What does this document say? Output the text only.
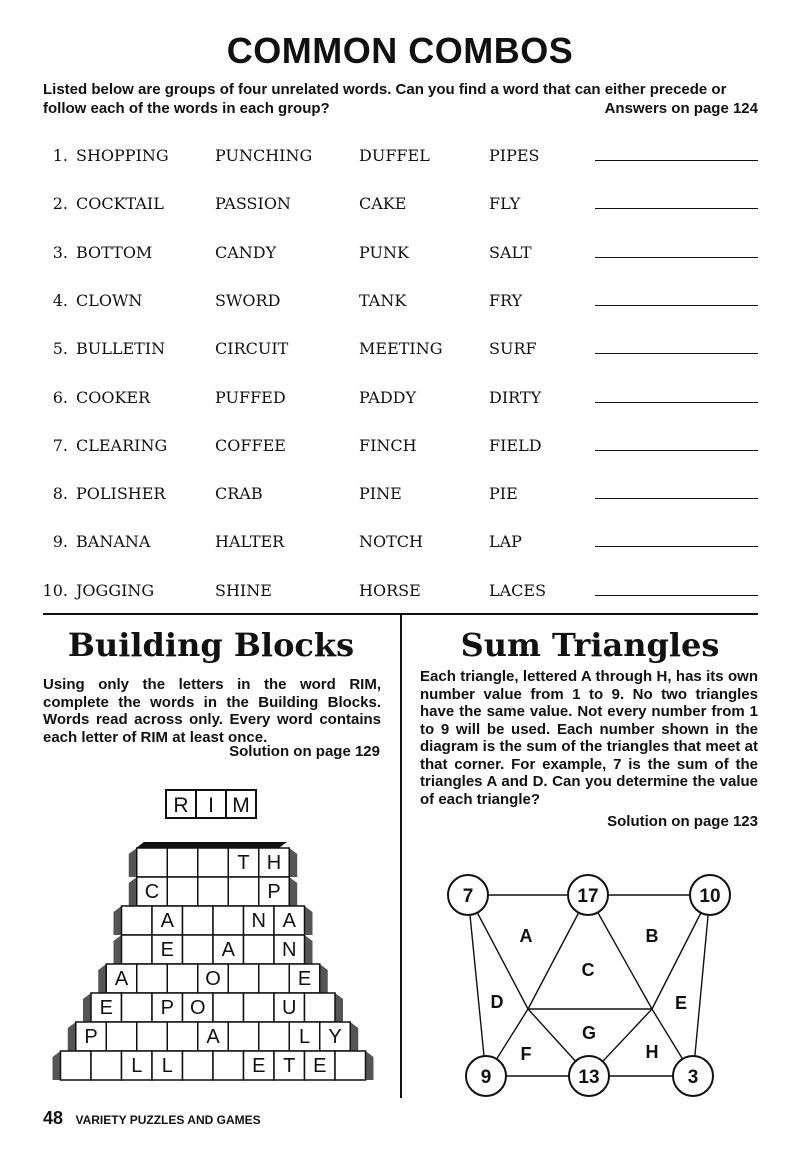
COMMON COMBOS
Listed below are groups of four unrelated words. Can you find a word that can either precede or follow each of the words in each group?	Answers on page 124
1. SHOPPING	PUNCHING	DUFFEL	PIPES
2. COCKTAIL	PASSION	CAKE	FLY
3. BOTTOM	CANDY	PUNK	SALT
4. CLOWN	SWORD	TANK	FRY
5. BULLETIN	CIRCUIT	MEETING	SURF
6. COOKER	PUFFED	PADDY	DIRTY
7. CLEARING	COFFEE	FINCH	FIELD
8. POLISHER	CRAB	PINE	PIE
9. BANANA	HALTER	NOTCH	LAP
10. JOGGING	SHINE	HORSE	LACES
Building Blocks
Using only the letters in the word RIM, complete the words in the Building Blocks. Words read across only. Every word contains each letter of RIM at least once.
Solution on page 129
R I M
T H
C	P
A	N A
E A N
A	O	E
E P O	U
P	A	L Y
L L	E T E
Sum Triangles
Each triangle, lettered A through H, has its own number value from 1 to 9. No two triangles have the same value. Not every number from 1 to 9 will be used. Each number shown in the diagram is the sum of the triangles that meet at that corner. For example, 7 is the sum of the triangles A and D. Can you determine the value of each triangle?
Solution on page 123
7	17	10
9	13	3
A	B
C
D	E
F
G
H
48 VARIETY PUZZLES AND GAMES
